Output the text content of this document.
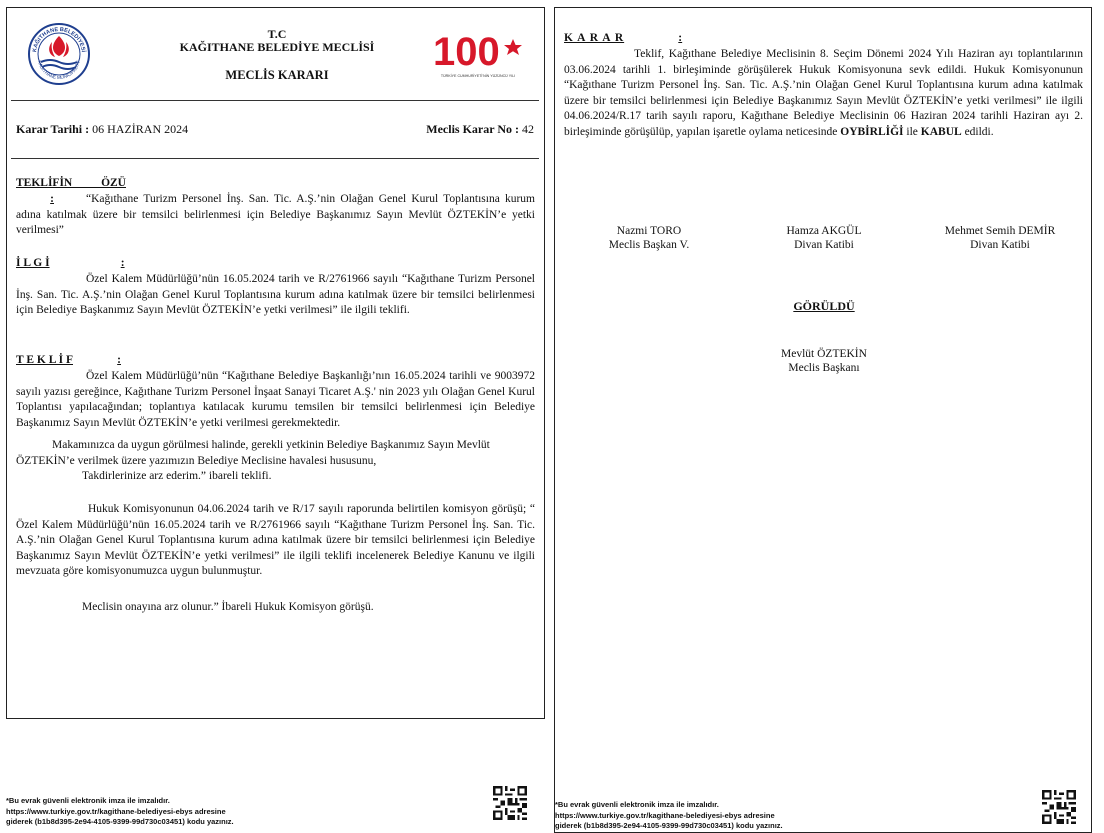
KAĞITHANE BELEDİYESİ
KAĞITHANE MUNICIPALITY
T.C
KAĞITHANE BELEDİYE MECLİSİ
MECLİS KARARI
100
TÜRKİYE CUMHURİYETİ'NİN YÜZÜNCÜ YILI
Karar Tarihi : 06 HAZİRAN 2024	Meclis Karar No : 42
TEKLİFİN ÖZÜ:	“Kağıthane Turizm Personel İnş. San. Tic. A.Ş.’nin Olağan Genel Kurul Toplantısına kurum adına katılmak üzere bir temsilci belirlenmesi için Belediye Başkanımız Sayın Mevlüt ÖZTEKİN’e yetki verilmesi”
İ L G İ	:
Özel Kalem Müdürlüğü’nün 16.05.2024 tarih ve R/2761966 sayılı “Kağıthane Turizm Personel İnş. San. Tic. A.Ş.’nin Olağan Genel Kurul Toplantısına kurum adına katılmak üzere bir temsilci belirlenmesi için Belediye Başkanımız Sayın Mevlüt ÖZTEKİN’e yetki verilmesi” ile ilgili teklifi.
T E K L İ F	:
Özel Kalem Müdürlüğü’nün “Kağıthane Belediye Başkanlığı’nın 16.05.2024 tarihli ve 9003972 sayılı yazısı gereğince, Kağıthane Turizm Personel İnşaat Sanayi Ticaret A.Ş.' nin 2023 yılı Olağan Genel Kurul Toplantısı yapılacağından; toplantıya katılacak kurumu temsilen bir temsilci belirlenmesi için Belediye Başkanımız Sayın Mevlüt ÖZTEKİN’e yetki verilmesi gerekmektedir.
Makamınızca da uygun görülmesi halinde, gerekli yetkinin Belediye Başkanımız Sayın Mevlüt ÖZTEKİN’e verilmek üzere yazımızın Belediye Meclisine havalesi hususunu,
Takdirlerinize arz ederim.” ibareli teklifi.
Hukuk Komisyonunun 04.06.2024 tarih ve R/17 sayılı raporunda belirtilen komisyon görüşü; “ Özel Kalem Müdürlüğü’nün 16.05.2024 tarih ve R/2761966 sayılı “Kağıthane Turizm Personel İnş. San. Tic. A.Ş.’nin Olağan Genel Kurul Toplantısına kurum adına katılmak üzere bir temsilci belirlenmesi için Belediye Başkanımız Sayın Mevlüt ÖZTEKİN’e yetki verilmesi” ile ilgili teklifi incelenerek Belediye Kanunu ve ilgili mevzuata göre komisyonumuzca uygun bulunmuştur.
Meclisin onayına arz olunur.” İbareli Hukuk Komisyon görüşü.
*Bu evrak güvenli elektronik imza ile imzalıdır.
https://www.turkiye.gov.tr/kagithane-belediyesi-ebys adresine
giderek (b1b8d395-2e94-4105-9399-99d730c03451) kodu yazınız.
K A R A R	:
Teklif, Kağıthane Belediye Meclisinin 8. Seçim Dönemi 2024 Yılı Haziran ayı toplantılarının 03.06.2024 tarihli 1. birleşiminde görüşülerek Hukuk Komisyonuna sevk edildi. Hukuk Komisyonunun “Kağıthane Turizm Personel İnş. San. Tic. A.Ş.’nin Olağan Genel Kurul Toplantısına kurum adına katılmak üzere bir temsilci belirlenmesi için Belediye Başkanımız Sayın Mevlüt ÖZTEKİN’e yetki verilmesi” ile ilgili 04.06.2024/R.17 tarih sayılı raporu, Kağıthane Belediye Meclisinin 06 Haziran 2024 tarihli Haziran ayı 2. birleşiminde görüşülüp, yapılan işaretle oylama neticesinde OYBİRLİĞİ ile KABUL edildi.
Nazmi TORO
Meclis Başkan V.
Hamza AKGÜL
Divan Katibi
Mehmet Semih DEMİR
Divan Katibi
GÖRÜLDÜ
Mevlüt ÖZTEKİN
Meclis Başkanı
*Bu evrak güvenli elektronik imza ile imzalıdır.
https://www.turkiye.gov.tr/kagithane-belediyesi-ebys adresine
giderek (b1b8d395-2e94-4105-9399-99d730c03451) kodu yazınız.
